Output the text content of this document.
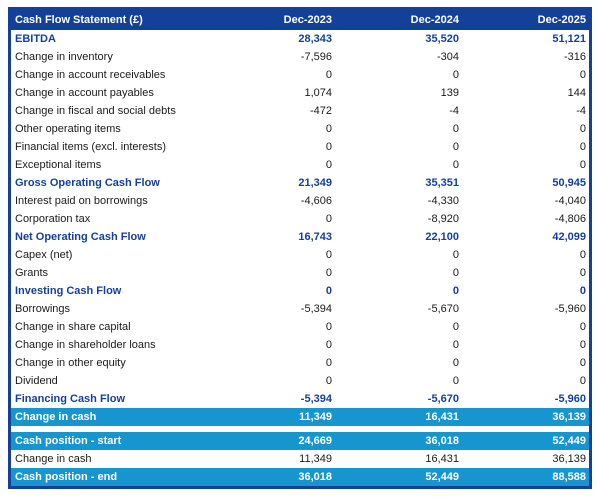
Cash Flow Statement (£)	Dec-2023	Dec-2024	Dec-2025
EBITDA	28,343	35,520	51,121
Change in inventory	-7,596	-304	-316
Change in account receivables	0	0	0
Change in account payables	1,074	139	144
Change in fiscal and social debts	-472	-4	-4
Other operating items	0	0	0
Financial items (excl. interests)	0	0	0
Exceptional items	0	0	0
Gross Operating Cash Flow	21,349	35,351	50,945
Interest paid on borrowings	-4,606	-4,330	-4,040
Corporation tax	0	-8,920	-4,806
Net Operating Cash Flow	16,743	22,100	42,099
Capex (net)	0	0	0
Grants	0	0	0
Investing Cash Flow	0	0	0
Borrowings	-5,394	-5,670	-5,960
Change in share capital	0	0	0
Change in shareholder loans	0	0	0
Change in other equity	0	0	0
Dividend	0	0	0
Financing Cash Flow	-5,394	-5,670	-5,960
Change in cash	11,349	16,431	36,139
Cash position - start	24,669	36,018	52,449
Change in cash	11,349	16,431	36,139
Cash position - end	36,018	52,449	88,588
